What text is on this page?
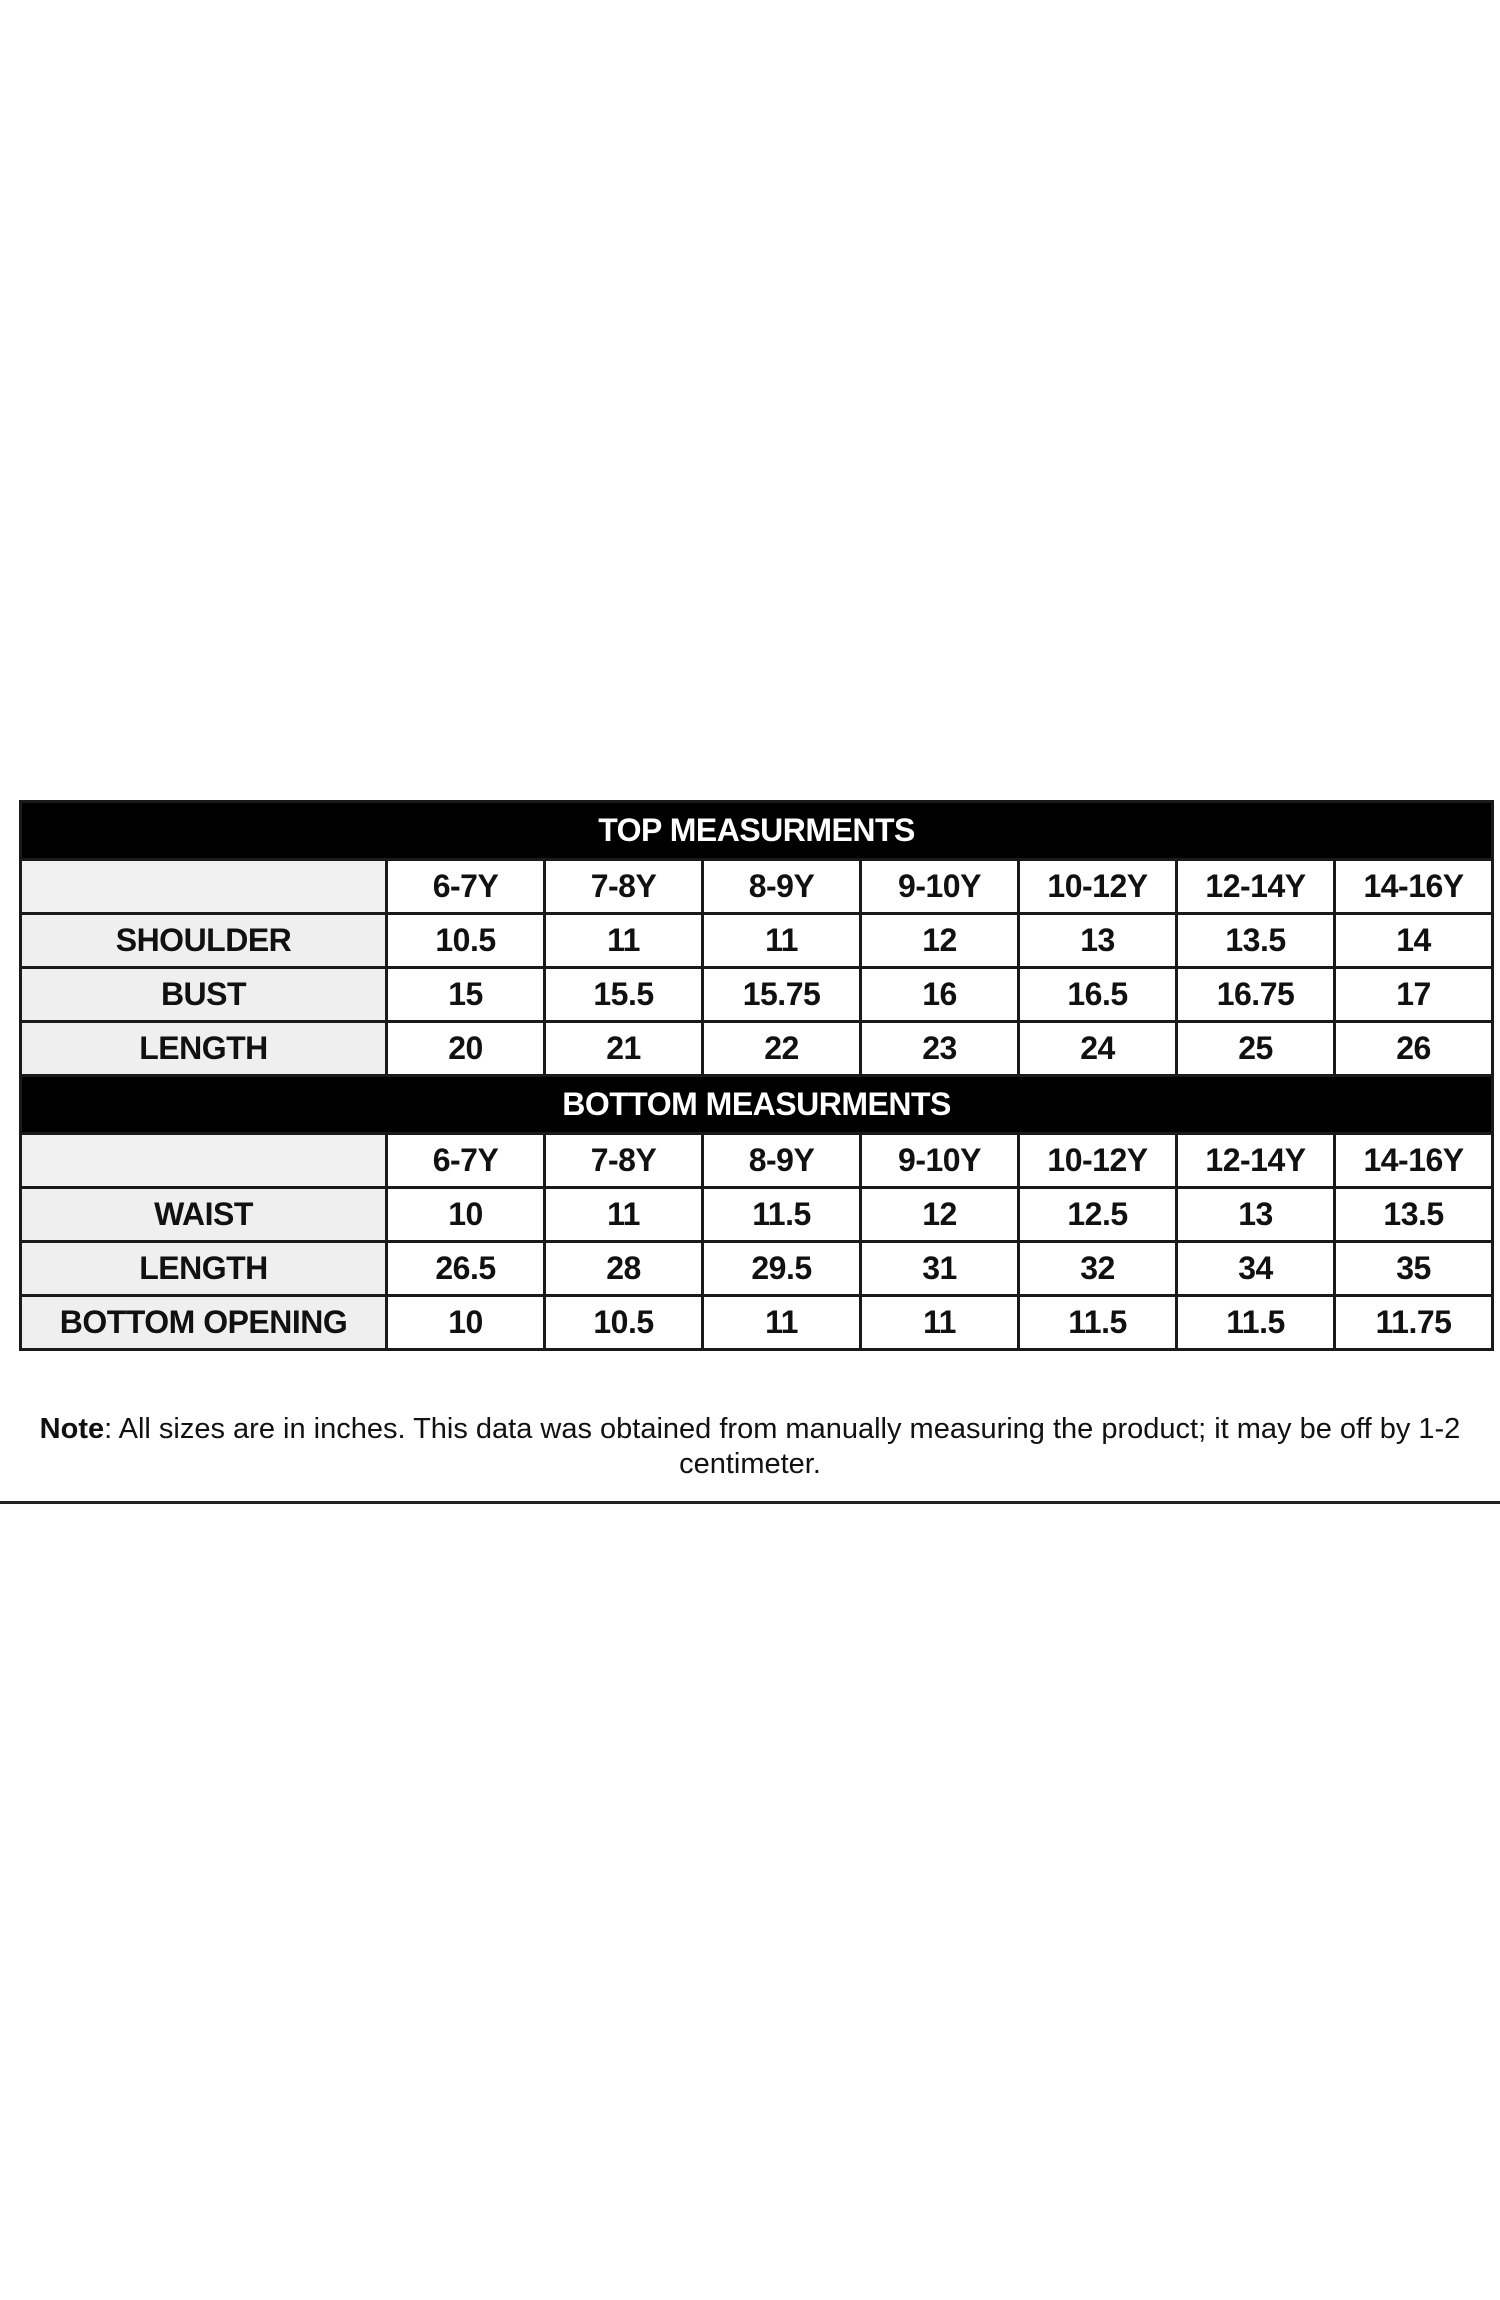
TOP MEASURMENTS							
	6-7Y	7-8Y	8-9Y	9-10Y	10-12Y	12-14Y	14-16Y
SHOULDER	10.5	11	11	12	13	13.5	14
BUST	15	15.5	15.75	16	16.5	16.75	17
LENGTH	20	21	22	23	24	25	26
BOTTOM MEASURMENTS							
	6-7Y	7-8Y	8-9Y	9-10Y	10-12Y	12-14Y	14-16Y
WAIST	10	11	11.5	12	12.5	13	13.5
LENGTH	26.5	28	29.5	31	32	34	35
BOTTOM OPENING	10	10.5	11	11	11.5	11.5	11.75
Note: All sizes are in inches. This data was obtained from manually measuring the product; it may be off by 1-2 centimeter.
